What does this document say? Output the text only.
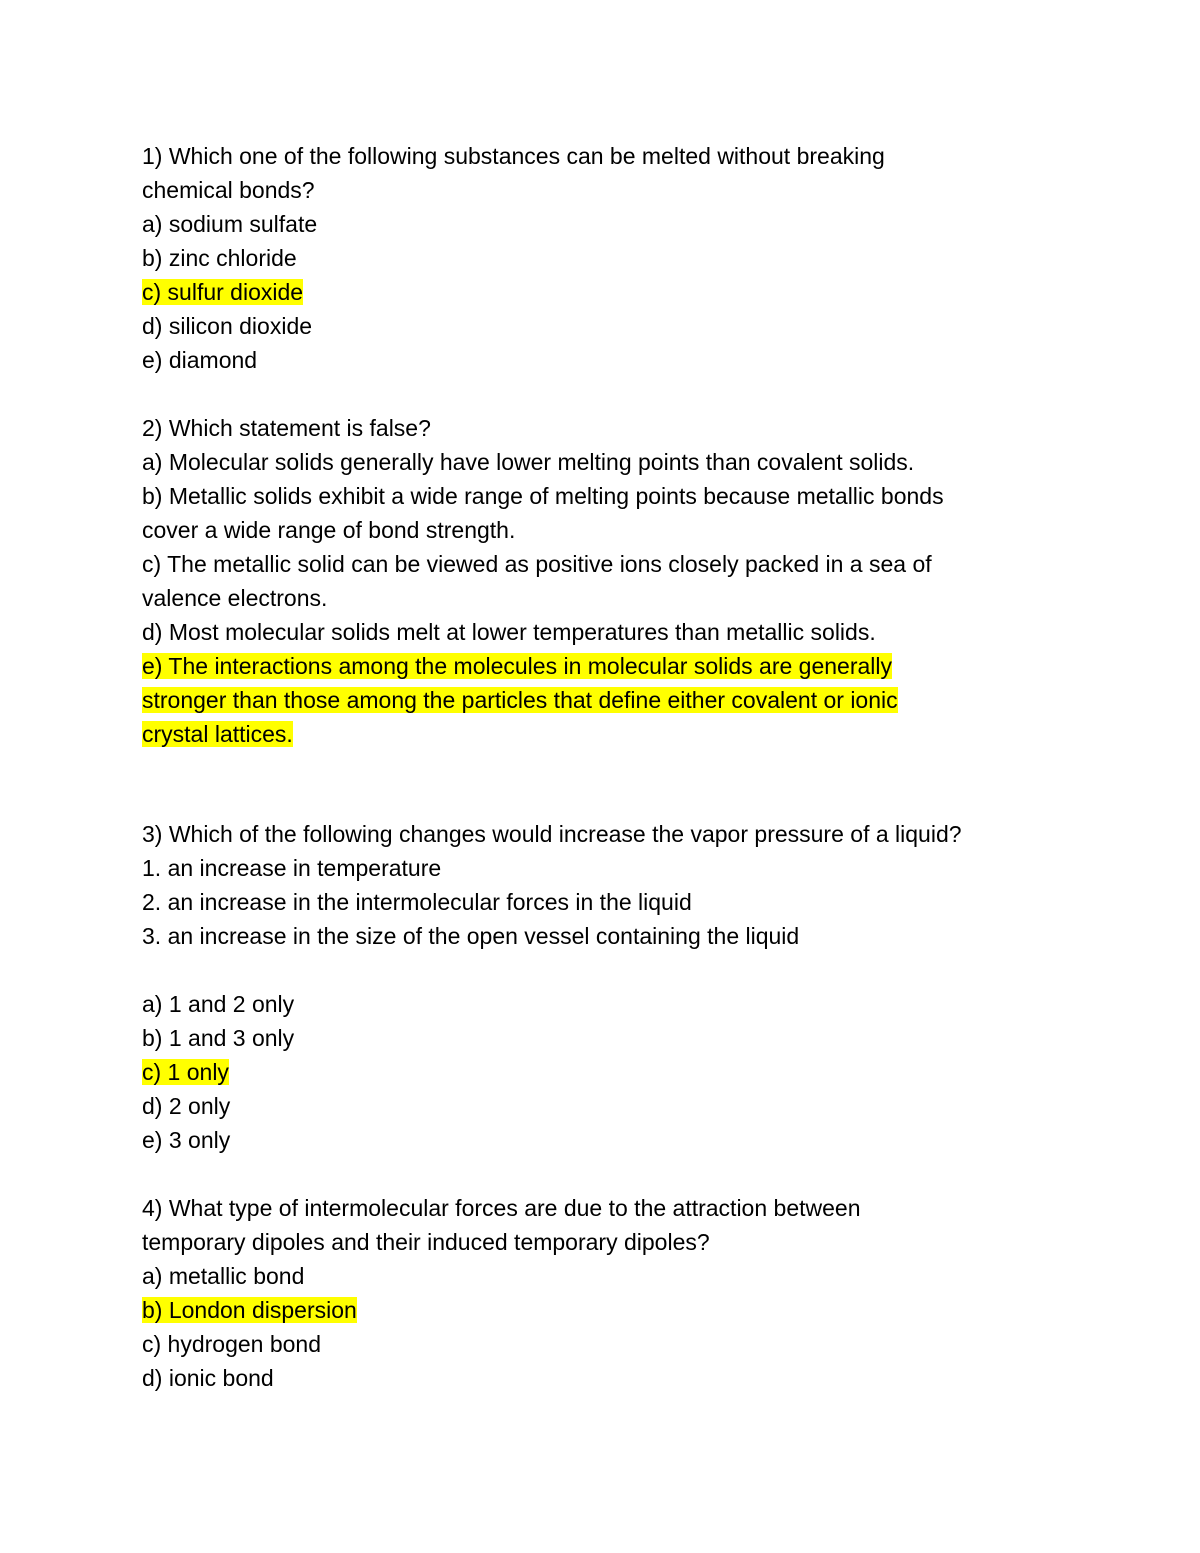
1) Which one of the following substances can be melted without breaking
chemical bonds?
a) sodium sulfate
b) zinc chloride
c) sulfur dioxide
d) silicon dioxide
e) diamond
2) Which statement is false?
a) Molecular solids generally have lower melting points than covalent solids.
b) Metallic solids exhibit a wide range of melting points because metallic bonds
cover a wide range of bond strength.
c) The metallic solid can be viewed as positive ions closely packed in a sea of
valence electrons.
d) Most molecular solids melt at lower temperatures than metallic solids.
e) The interactions among the molecules in molecular solids are generally
stronger than those among the particles that define either covalent or ionic
crystal lattices.
3) Which of the following changes would increase the vapor pressure of a liquid?
1. an increase in temperature
2. an increase in the intermolecular forces in the liquid
3. an increase in the size of the open vessel containing the liquid
a) 1 and 2 only
b) 1 and 3 only
c) 1 only
d) 2 only
e) 3 only
4) What type of intermolecular forces are due to the attraction between
temporary dipoles and their induced temporary dipoles?
a) metallic bond
b) London dispersion
c) hydrogen bond
d) ionic bond
